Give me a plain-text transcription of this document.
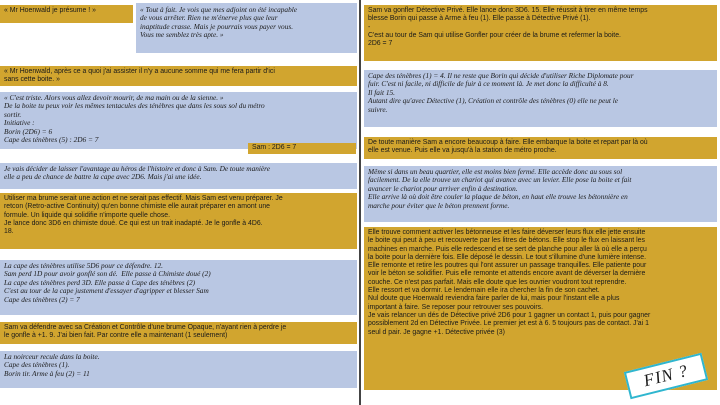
« Mr Hoenwald je présume ! »	« Tout à fait. Je vois que mes adjoint on été incapable
de vous arrêter. Rien ne m'énerve plus que leur
inaptitude crasse. Mais je pourrais vous payer vous.
Vous me semblez très apte. »
« Mr Hoenwald, après ce a quoi j'ai assister il n'y a aucune somme qui me fera partir d'ici
sans cette boite. »
« C'est triste. Alors vous allez devoir mourir, de ma main ou de la sienne. »
De la boite tu peux voir les mêmes tentacules des ténèbres que dans les sous sol du métro
sortir.
Initiative :
Borin (2D6) = 6
Cape des ténèbres (5) : 2D6 = 7
Sam : 2D6 = 7
Je vais décider de laisser l'avantage au héros de l'histoire et donc à Sam. De toute manière
elle a peu de chance de battre la cape avec 2D6. Mais j'ai une idée.
Utiliser ma brume serait une action et ne serait pas effectif. Mais Sam est venu préparer. Je
retcon (Retro-active Continuity) qu'en bonne chimiste elle aurait préparer en amont une
formule. Un liquide qui solidifie n'importe quelle chose.
Je lance donc 3D6 en chimiste doué. Ce qui est un trait inadapté. Je le gonfle à 4D6.
18.
La cape des ténèbres utilise 5D6 pour ce défendre. 12.
Sam perd 1D pour avoir gonflé son dé.  Elle passe à Chimiste doué (2)
La cape des ténèbres perd 3D. Elle passe à Cape des ténèbres (2)
C'est au tour de la cape justement d'essayer d'agripper et blesser Sam
Cape des ténèbres (2) = 7
Sam va défendre avec sa Création et Contrôle d'une brume Opaque, n'ayant rien à perdre je
le gonfle à +1. 9. J'ai bien fait. Par contre elle a maintenant (1 seulement)
La noirceur recule dans la boite.
Cape des ténèbres (1).
Borin tir. Arme à feu (2) = 11
Sam va gonfler Détective Privé. Elle lance donc 3D6. 15. Elle réussit à tirer en même temps
blesse Borin qui passe à Arme à feu (1). Elle passe à Détective Privé (1).
-
C'est au tour de Sam qui utilise Gonfler pour créer de la brume et refermer la boite.
2D6 = 7
Cape des ténèbres (1) = 4. Il ne reste que Borin qui décide d'utiliser Riche Diplomate pour
fuir. C'est ni facile, ni difficile de fuir à ce moment là. Je met donc la difficulté à 8.
Il fait 15.
Autant dire qu'avec Détective (1), Création et contrôle des ténèbres (0) elle ne peut le
suivre.
De toute manière Sam a encore beaucoup à faire. Elle embarque la boite et repart par là où
elle est venue. Puis elle va jusqu'à la station de métro proche.
Même si dans un beau quartier, elle est moins bien fermé. Elle accède donc au sous sol
facilement. De la elle trouve un chariot qui avance avec un levier. Elle pose la boite et fait
avancer le chariot pour arriver enfin à destination.
Elle arrive là où doit être couler la plaque de béton, en haut elle trouve les bétonnière en
marche pour éviter que le béton prennent forme.
Elle trouve comment activer les bétonneuse et les faire déverser leurs flux elle jette ensuite
le boite qui peut à peu et recouverte par les litres de bétons. Elle stop le flux en laissant les
machines en marche. Puis elle redescend et se sert de planche pour aller là où elle a perçu
la boite pour la dernière fois. Elle déposé le dessin. Le tout s'illumine d'une lumière intense.
Elle remonte et retire les poutres qui l'ont assurer un passage tranquilles. Elle patiente pour
voir le béton se solidifier. Puis elle remonte et attends encore avant de déverser la dernière
couche. Ce n'est pas parfait. Mais elle doute que les ouvrier voudront tout reprendre.
Elle ressort et va dormir. Le lendemain elle ira chercher la fin de son cachet.
Nul doute que Hoenwald reviendra faire parler de lui, mais pour l'instant elle a plus
important à faire. Se reposer pour retrouver ses pouvoirs.
Je vais relancer un dés de Détective privé 2D6 pour 1 gagner un contact 1, puis pour gagner
possiblement 2d en Détective Privée. Le premier jet est à 6. 5 toujours pas de contact. J'ai 1
seul d pair. Je gagne +1. Détective privée (3)
FIN ?
